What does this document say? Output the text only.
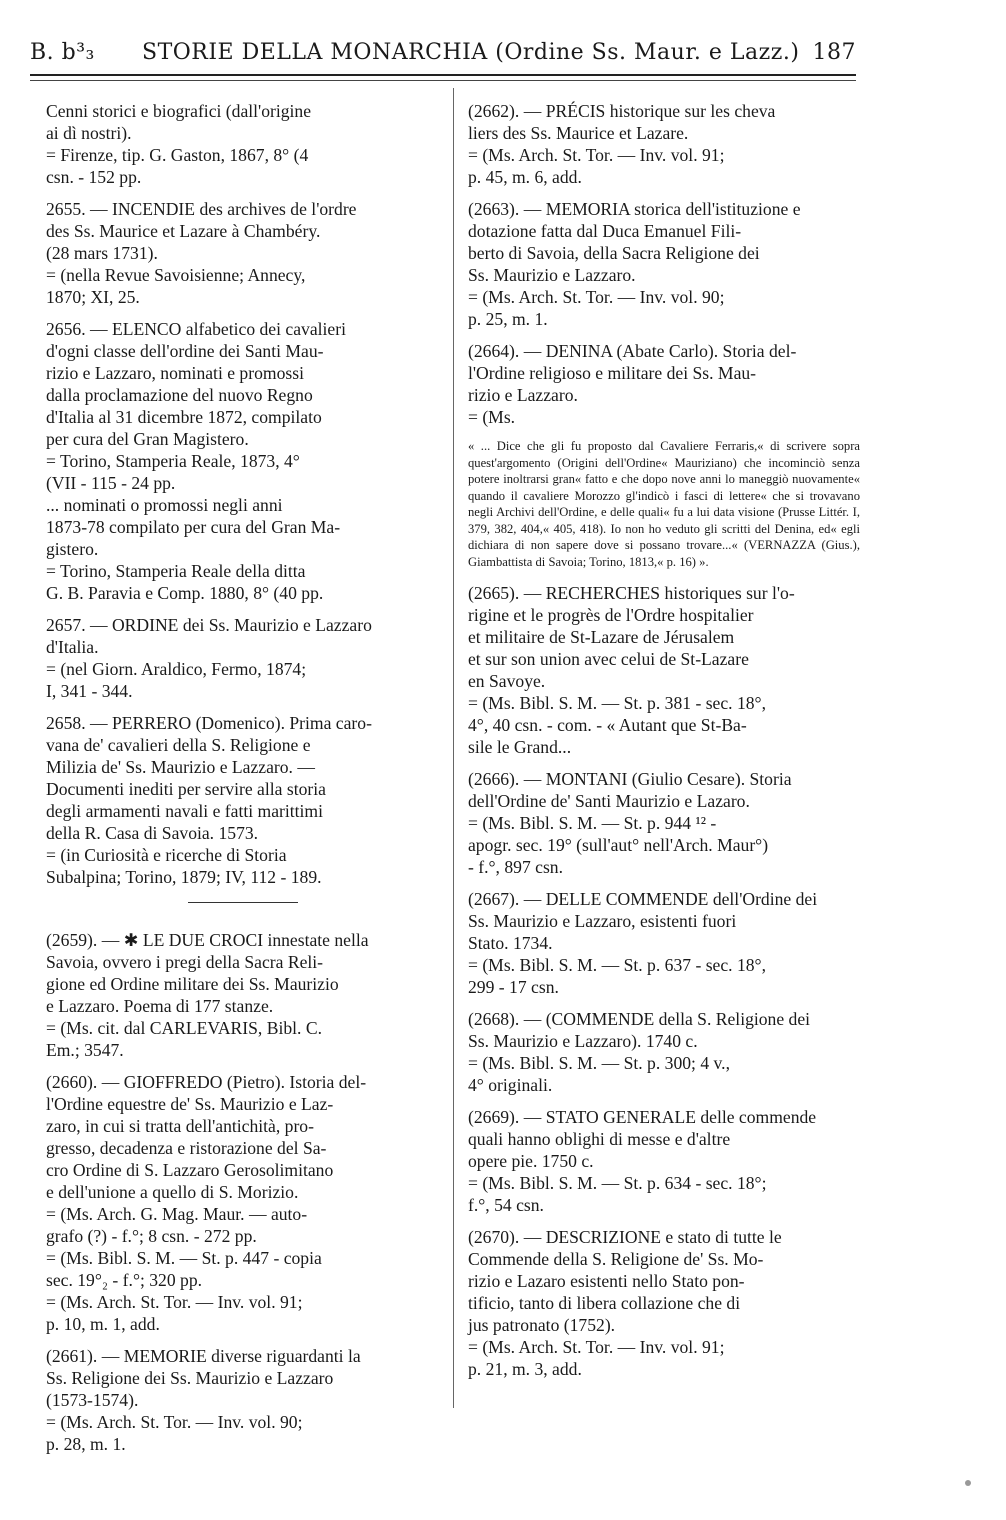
B. b³₃ STORIE DELLA MONARCHIA (Ordine Ss. Maur. e Lazz.) 187
Cenni storici e biografici (dall'origine
ai dì nostri).
= Firenze, tip. G. Gaston, 1867, 8° (4
csn. - 152 pp.
2655. — INCENDIE des archives de l'ordre
des Ss. Maurice et Lazare à Chambéry.
(28 mars 1731).
= (nella Revue Savoisienne; Annecy,
1870; XI, 25.
2656. — ELENCO alfabetico dei cavalieri
d'ogni classe dell'ordine dei Santi Mau-
rizio e Lazzaro, nominati e promossi
dalla proclamazione del nuovo Regno
d'Italia al 31 dicembre 1872, compilato
per cura del Gran Magistero.
= Torino, Stamperia Reale, 1873, 4°
(VII - 115 - 24 pp.
... nominati o promossi negli anni
1873-78 compilato per cura del Gran Ma-
gistero.
= Torino, Stamperia Reale della ditta
G. B. Paravia e Comp. 1880, 8° (40 pp.
2657. — ORDINE dei Ss. Maurizio e Lazzaro
d'Italia.
= (nel Giorn. Araldico, Fermo, 1874;
I, 341 - 344.
2658. — PERRERO (Domenico). Prima caro-
vana de' cavalieri della S. Religione e
Milizia de' Ss. Maurizio e Lazzaro. —
Documenti inediti per servire alla storia
degli armamenti navali e fatti marittimi
della R. Casa di Savoia. 1573.
= (in Curiosità e ricerche di Storia
Subalpina; Torino, 1879; IV, 112 - 189.
(2659). — ✱ LE DUE CROCI innestate nella
Savoia, ovvero i pregi della Sacra Reli-
gione ed Ordine militare dei Ss. Maurizio
e Lazzaro. Poema di 177 stanze.
= (Ms. cit. dal CARLEVARIS, Bibl. C.
Em.; 3547.
(2660). — GIOFFREDO (Pietro). Istoria del-
l'Ordine equestre de' Ss. Maurizio e Laz-
zaro, in cui si tratta dell'antichità, pro-
gresso, decadenza e ristorazione del Sa-
cro Ordine di S. Lazzaro Gerosolimitano
e dell'unione a quello di S. Morizio.
= (Ms. Arch. G. Mag. Maur. — auto-
grafo (?) - f.°; 8 csn. - 272 pp.
= (Ms. Bibl. S. M. — St. p. 447 - copia
sec. 19°₂ - f.°; 320 pp.
= (Ms. Arch. St. Tor. — Inv. vol. 91;
p. 10, m. 1, add.
(2661). — MEMORIE diverse riguardanti la
Ss. Religione dei Ss. Maurizio e Lazzaro
(1573-1574).
= (Ms. Arch. St. Tor. — Inv. vol. 90;
p. 28, m. 1.
(2662). — PRÉCIS historique sur les cheva
liers des Ss. Maurice et Lazare.
= (Ms. Arch. St. Tor. — Inv. vol. 91;
p. 45, m. 6, add.
(2663). — MEMORIA storica dell'istituzione e
dotazione fatta dal Duca Emanuel Fili-
berto di Savoia, della Sacra Religione dei
Ss. Maurizio e Lazzaro.
= (Ms. Arch. St. Tor. — Inv. vol. 90;
p. 25, m. 1.
(2664). — DENINA (Abate Carlo). Storia del-
l'Ordine religioso e militare dei Ss. Mau-
rizio e Lazzaro.
= (Ms.
« ... Dice che gli fu proposto dal Cavaliere Ferraris,« di scrivere sopra quest'argomento (Origini dell'Ordine« Mauriziano) che incominciò senza potere inoltrarsi gran« fatto e che dopo nove anni lo maneggiò nuovamente« quando il cavaliere Morozzo gl'indicò i fasci di lettere« che si trovavano negli Archivi dell'Ordine, e delle quali« fu a lui data visione (Prusse Littér. I, 379, 382, 404,« 405, 418). Io non ho veduto gli scritti del Denina, ed« egli dichiara di non sapere dove si possano trovare...« (VERNAZZA (Gius.), Giambattista di Savoia; Torino, 1813,« p. 16) ».
(2665). — RECHERCHES historiques sur l'o-
rigine et le progrès de l'Ordre hospitalier
et militaire de St-Lazare de Jérusalem
et sur son union avec celui de St-Lazare
en Savoye.
= (Ms. Bibl. S. M. — St. p. 381 - sec. 18°,
4°, 40 csn. - com. - « Autant que St-Ba-
sile le Grand...
(2666). — MONTANI (Giulio Cesare). Storia
dell'Ordine de' Santi Maurizio e Lazaro.
= (Ms. Bibl. S. M. — St. p. 944 ¹² -
apogr. sec. 19° (sull'aut° nell'Arch. Maur°)
- f.°, 897 csn.
(2667). — DELLE COMMENDE dell'Ordine dei
Ss. Maurizio e Lazzaro, esistenti fuori
Stato. 1734.
= (Ms. Bibl. S. M. — St. p. 637 - sec. 18°,
299 - 17 csn.
(2668). — (COMMENDE della S. Religione dei
Ss. Maurizio e Lazzaro). 1740 c.
= (Ms. Bibl. S. M. — St. p. 300; 4 v.,
4° originali.
(2669). — STATO GENERALE delle commende
quali hanno oblighi di messe e d'altre
opere pie. 1750 c.
= (Ms. Bibl. S. M. — St. p. 634 - sec. 18°;
f.°, 54 csn.
(2670). — DESCRIZIONE e stato di tutte le
Commende della S. Religione de' Ss. Mo-
rizio e Lazaro esistenti nello Stato pon-
tificio, tanto di libera collazione che di
jus patronato (1752).
= (Ms. Arch. St. Tor. — Inv. vol. 91;
p. 21, m. 3, add.
